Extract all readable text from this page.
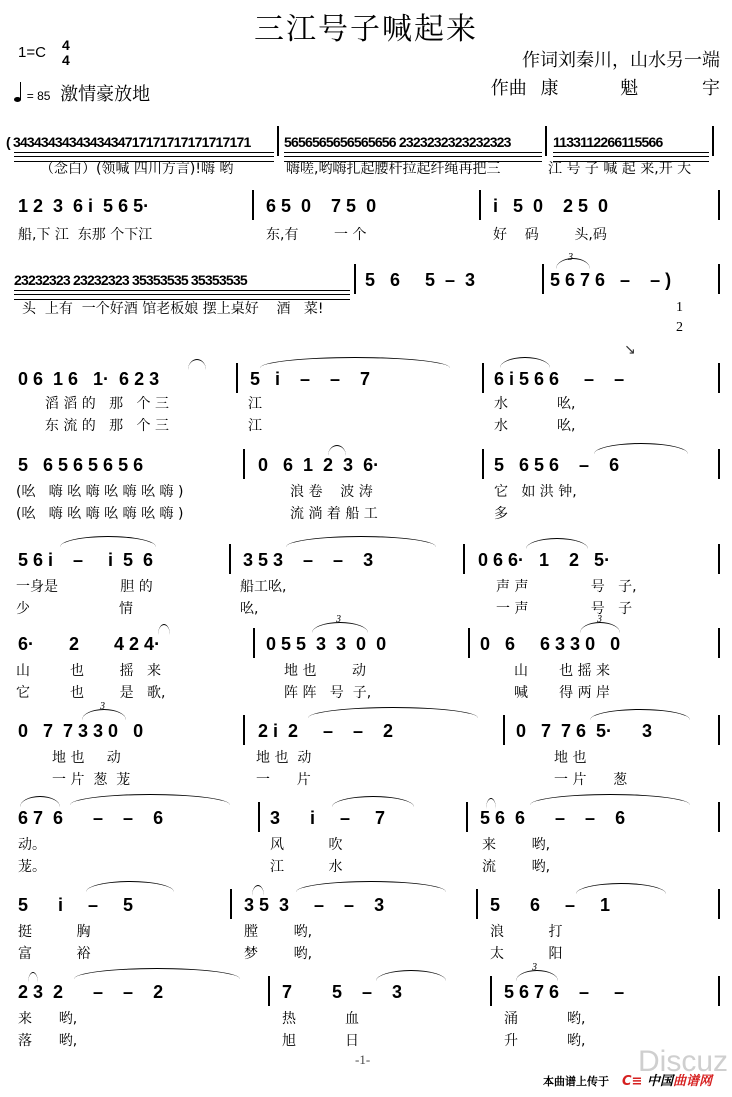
三江号子喊起来
1=C 4
4
= 85 激情豪放地
作词刘秦川，山水另一端
作曲 康	魁	宇
( 3434343434343434717171717171717171 5656565656565656 2323232323232323	1133112266115566
（念白）(领喊 四川方言)!嗨 哟	嗨嗟,哟嗨扎起腰杆拉起纤绳再把三	江 号 子 喊 起 来,开 大
1 2  3  6 i  5 6 5·	6 5  0    7 5  0	i   5  0    2 5  0
船,下 江  东那 个下江	东,有        一 个	好    码        头,码
23232323 23232323 35353535 35353535	5   6     5  –  3	5 6 7 6   –    – )
3
头  上有  一个好酒 馆老板娘 摆上桌好    酒   菜!	1
2
↘
0 6  1 6   1·  6 2 3	5   i    –    –    7	6 i 5 6 6     –    –
滔 滔 的   那   个 三	江	水           吆,
东 流 的   那   个 三	江	水           吆,
5   6 5 6 5 6 5 6	0   6  1  2  3  6·	5   6 5 6    –    6
(吆   嗨 吆 嗨 吆 嗨 吆 嗨 )	浪 卷    波 涛	它   如 洪 钟,
(吆   嗨 吆 嗨 吆 嗨 吆 嗨 )	流 淌 着 船 工	多
5 6 i    –     i  5  6	3 5 3    –    –    3	0 6 6·   1    2   5·
一身是              胆 的	船工吆,	声 声              号   子,
少                    情	吆,	一 声              号   子
6·       2       4 2 4·	0 5 5  3  3  0  0	0   6     6 3 3 0   0
3	3
山         也        摇   来	地 也        动	山       也 摇 来
它         也        是   歌,	阵 阵   号  子,	喊       得 两 岸
0   7  7 3 3 0   0	2 i  2     –    –    2	0   7  7 6  5·      3
3
地 也     动	地 也  动	地 也
一 片  葱  茏	一      片	一 片      葱
6 7  6      –    –    6	3      i     –     7	5 6  6      –    –    6
动。	风          吹	来        哟,
茏。	江          水	流        哟,
5      i     –     5	3 5  3     –    –    3	5      6     –     1
挺          胸	膛        哟,	浪          打
富          裕	梦        哟,	太          阳
2 3  2      –    –    2	7        5    –    3	5 6 7 6    –     –
3
来      哟,	热           血	涌           哟,
落      哟,	旭           日	升           哟,
-1-	Discuz
本曲谱上传于 C≡ 中国曲谱网
